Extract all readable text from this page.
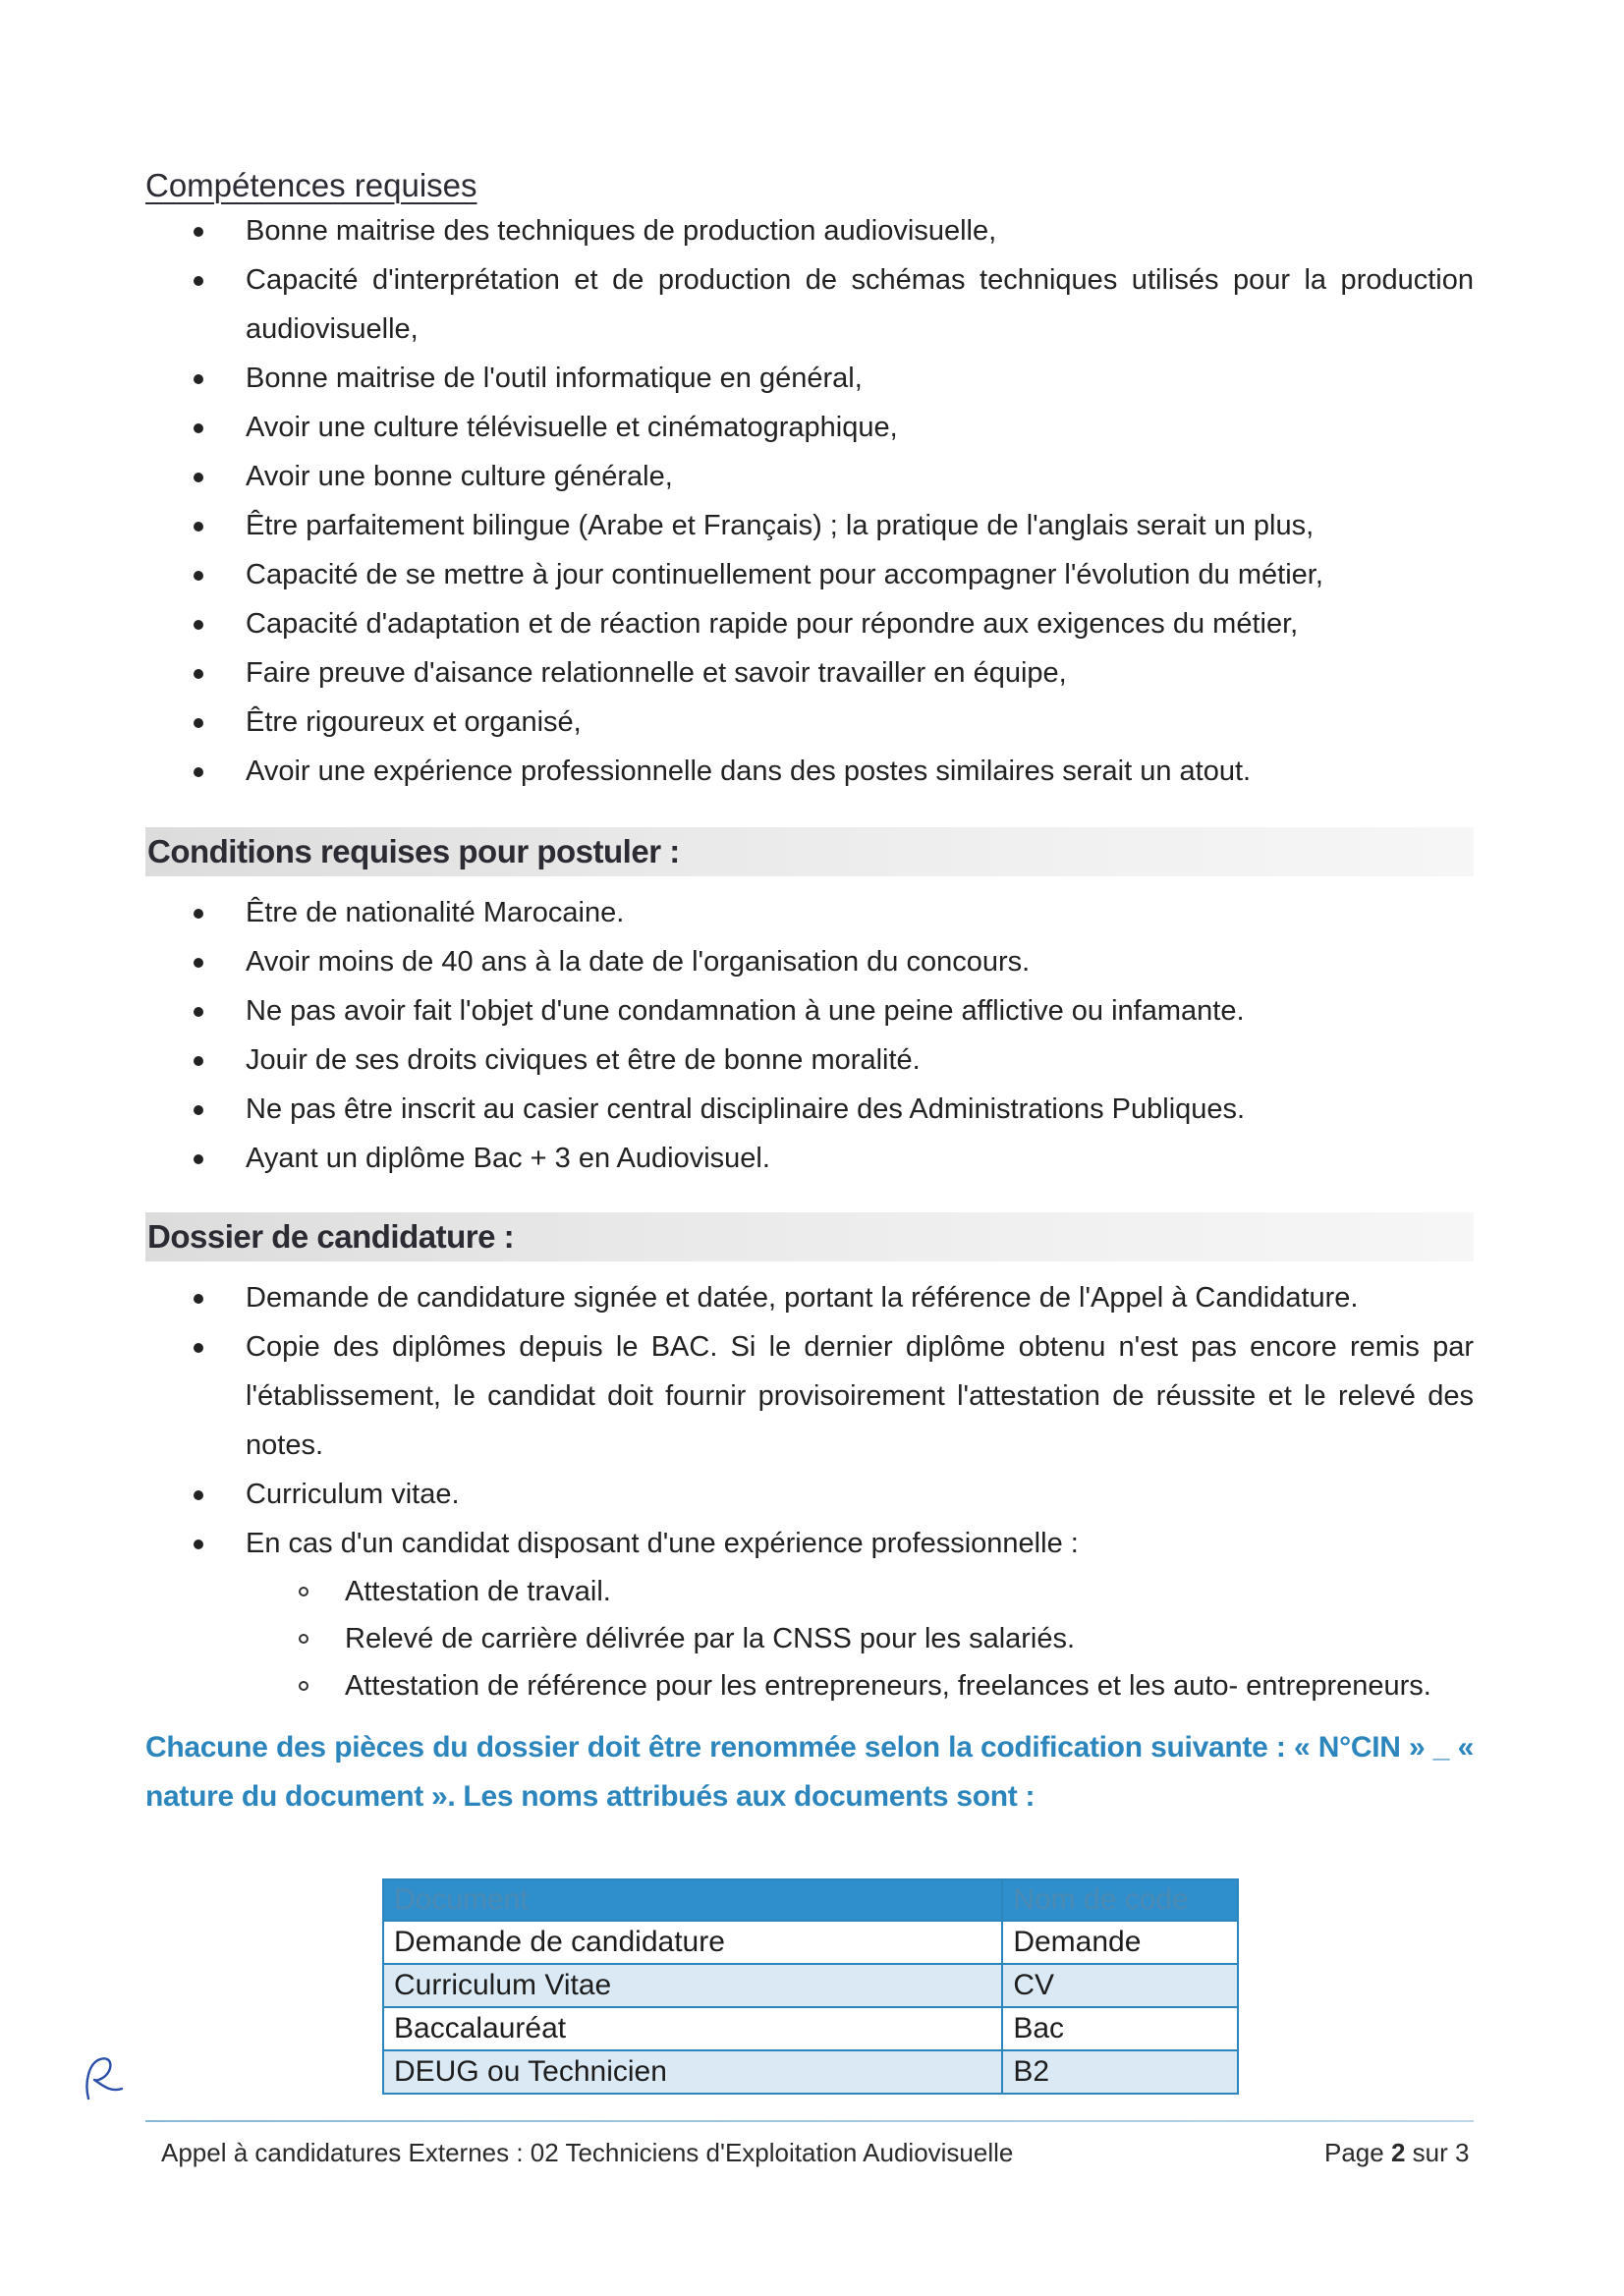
Compétences requises
Bonne maitrise des techniques de production audiovisuelle,
Capacité d'interprétation et de production de schémas techniques utilisés pour la production audiovisuelle,
Bonne maitrise de l'outil informatique en général,
Avoir une culture télévisuelle et cinématographique,
Avoir une bonne culture générale,
Être parfaitement bilingue (Arabe et Français) ; la pratique de l'anglais serait un plus,
Capacité de se mettre à jour continuellement pour accompagner l'évolution du métier,
Capacité d'adaptation et de réaction rapide pour répondre aux exigences du métier,
Faire preuve d'aisance relationnelle et savoir travailler en équipe,
Être rigoureux et organisé,
Avoir une expérience professionnelle dans des postes similaires serait un atout.
Conditions requises pour postuler :
Être de nationalité Marocaine.
Avoir moins de 40 ans à la date de l'organisation du concours.
Ne pas avoir fait l'objet d'une condamnation à une peine afflictive ou infamante.
Jouir de ses droits civiques et être de bonne moralité.
Ne pas être inscrit au casier central disciplinaire des Administrations Publiques.
Ayant un diplôme Bac + 3 en Audiovisuel.
Dossier de candidature :
Demande de candidature signée et datée, portant la référence de l'Appel à Candidature.
Copie des diplômes depuis le BAC. Si le dernier diplôme obtenu n'est pas encore remis par l'établissement, le candidat doit fournir provisoirement l'attestation de réussite et le relevé des notes.
Curriculum vitae.
En cas d'un candidat disposant d'une expérience professionnelle :
Attestation de travail.
Relevé de carrière délivrée par la CNSS pour les salariés.
Attestation de référence pour les entrepreneurs, freelances et les auto- entrepreneurs.

Chacune des pièces du dossier doit être renommée selon la codification suivante : « N°CIN » _ « nature du document ». Les noms attribués aux documents sont :

Document	Nom de code
Demande de candidature	Demande
Curriculum Vitae	CV
Baccalauréat	Bac
DEUG ou Technicien	B2
Appel à candidatures Externes : 02 Techniciens d'Exploitation Audiovisuelle	Page 2 sur 3
